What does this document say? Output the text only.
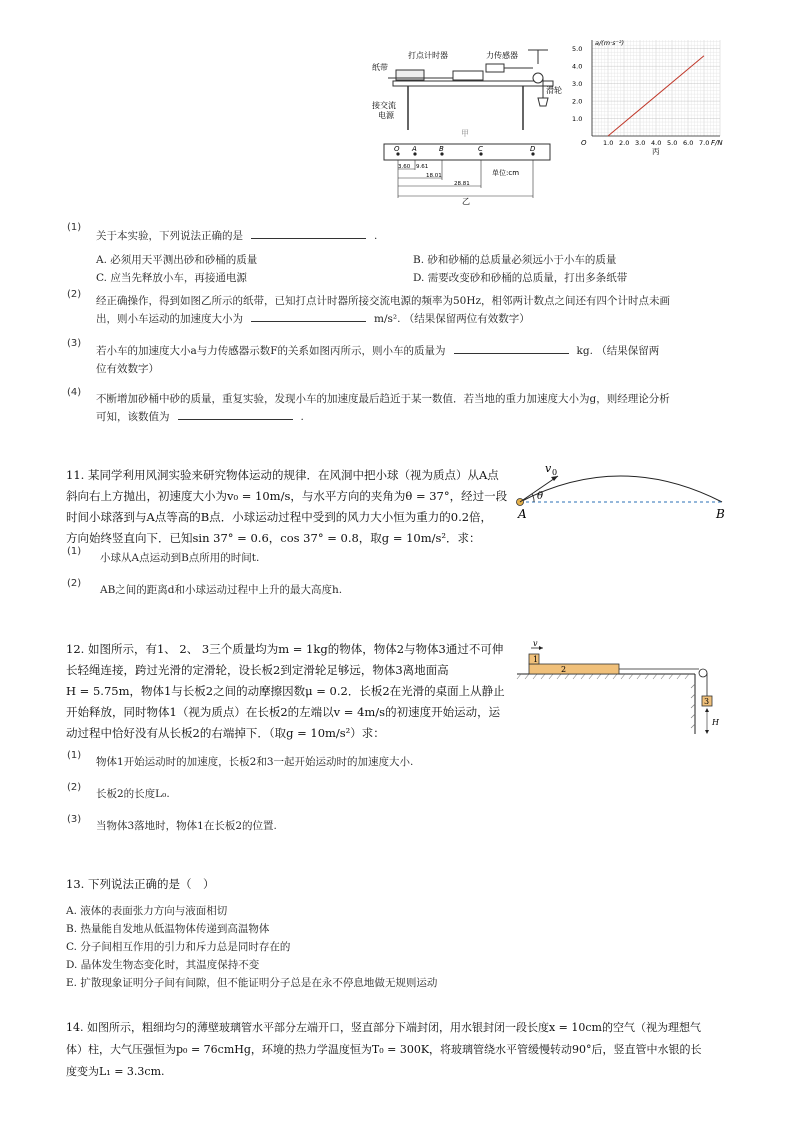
打点计时器	力传感器
纸带
滑轮
接交流
电源
甲
O A	B	C	D
3.60 9.61
18.01
28.81
单位:cm
乙
5.0
4.0
3.0
2.0
1.0
1.0 2.0 3.0 4.0 5.0 6.0 7.0
a/(m·s⁻²)
F/N
O
丙
(1)
关于本实验，下列说法正确的是	.
A. 必须用天平测出砂和砂桶的质量	B. 砂和砂桶的总质量必须远小于小车的质量
C. 应当先释放小车，再接通电源	D. 需要改变砂和砂桶的总质量，打出多条纸带
(2)
经正确操作，得到如图乙所示的纸带，已知打点计时器所接交流电源的频率为50Hz，相邻两计数点之间还有四个计时点未画
出，则小车运动的加速度大小为	m/s². （结果保留两位有效数字）
(3)
若小车的加速度大小a与力传感器示数F的关系如图丙所示，则小车的质量为	kg. （结果保留两
位有效数字）
(4)
不断增加砂桶中砂的质量，重复实验，发现小车的加速度最后趋近于某一数值．若当地的重力加速度大小为g，则经理论分析
可知，该数值为	.
11. 某同学利用风洞实验来研究物体运动的规律．在风洞中把小球（视为质点）从A点
斜向右上方抛出，初速度大小为v₀ = 10m/s，与水平方向的夹角为θ = 37°，经过一段
时间小球落到与A点等高的B点．小球运动过程中受到的风力大小恒为重力的0.2倍，
方向始终竖直向下．已知sin 37° = 0.6，cos 37° = 0.8，取g = 10m/s²．求：
θ
v 0
A	B
(1)
小球从A点运动到B点所用的时间t.
(2)
AB之间的距离d和小球运动过程中上升的最大高度h.
12. 如图所示，有1、 2、 3三个质量均为m = 1kg的物体，物体2与物体3通过不可伸
长轻绳连接，跨过光滑的定滑轮，设长板2到定滑轮足够远，物体3离地面高
H = 5.75m，物体1与长板2之间的动摩擦因数μ = 0.2．长板2在光滑的桌面上从静止
开始释放，同时物体1（视为质点）在长板2的左端以v = 4m/s的初速度开始运动，运
动过程中恰好没有从长板2的右端掉下．（取g = 10m/s²）求：
1
2
3
v
H
(1)
物体1开始运动时的加速度，长板2和3一起开始运动时的加速度大小.
(2)
长板2的长度L₀.
(3)
当物体3落地时，物体1在长板2的位置.
13. 下列说法正确的是（　）
A. 液体的表面张力方向与液面相切
B. 热量能自发地从低温物体传递到高温物体
C. 分子间相互作用的引力和斥力总是同时存在的
D. 晶体发生物态变化时，其温度保持不变
E. 扩散现象证明分子间有间隙，但不能证明分子总是在永不停息地做无规则运动
14. 如图所示，粗细均匀的薄壁玻璃管水平部分左端开口，竖直部分下端封闭，用水银封闭一段长度x = 10cm的空气（视为理想气
体）柱，大气压强恒为p₀ = 76cmHg，环境的热力学温度恒为T₀ = 300K，将玻璃管绕水平管缓慢转动90°后，竖直管中水银的长
度变为L₁ = 3.3cm.
